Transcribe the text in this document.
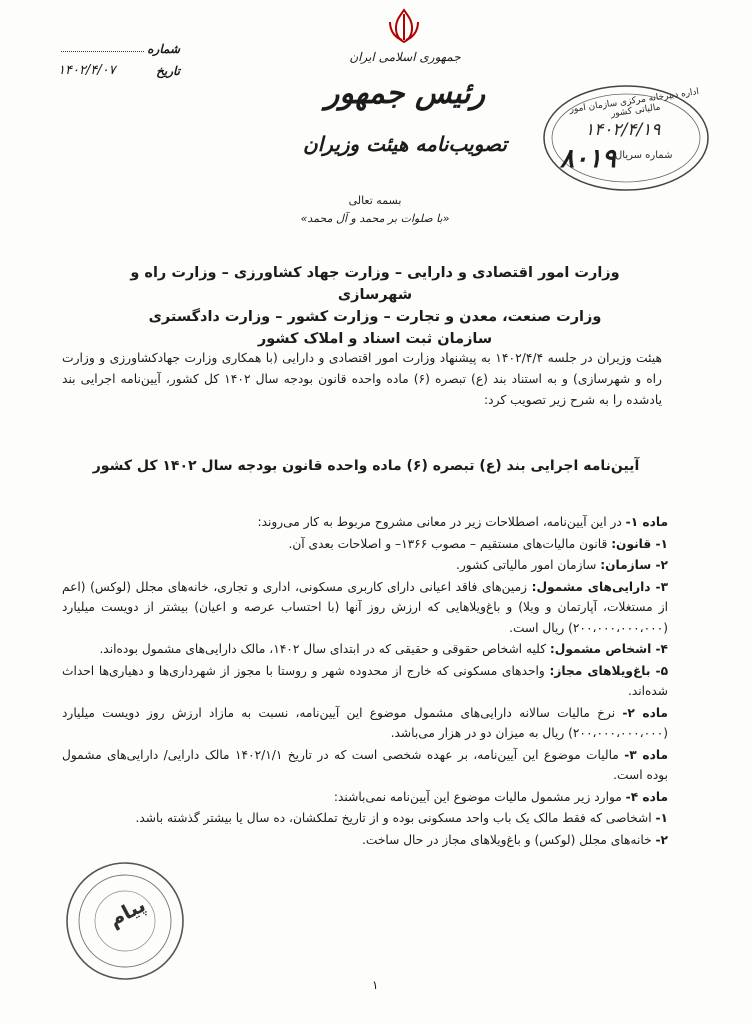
جمهوری اسلامی ایران
رئیس جمهور
تصویب‌نامه هیئت وزیران
شماره
تاریخ
۱۴۰۲/۴/۰۷
اداره دبیرخانه مرکزی سازمان امور مالیاتی کشور
۱۴۰۲/۴/۱۹
شماره سریال
۸۰۱۹
بسمه تعالی
«با صلوات بر محمد و آل محمد»
وزارت امور اقتصادی و دارایی – وزارت جهاد کشاورزی – وزارت راه و شهرسازی
وزارت صنعت، معدن و تجارت – وزارت کشور – وزارت دادگستری
سازمان ثبت اسناد و املاک کشور
هیئت وزیران در جلسه ۱۴۰۲/۴/۴ به پیشنهاد وزارت امور اقتصادی و دارایی (با همکاری وزارت جهادکشاورزی و وزارت راه و شهرسازی) و به استناد بند (ع) تبصره (۶) ماده واحده قانون بودجه سال ۱۴۰۲ کل کشور، آیین‌نامه اجرایی بند یادشده را به شرح زیر تصویب کرد:
آیین‌نامه اجرایی بند (ع) تبصره (۶) ماده واحده قانون بودجه سال ۱۴۰۲ کل کشور
ماده ۱- در این آیین‌نامه، اصطلاحات زیر در معانی مشروح مربوط به کار می‌روند:
۱- قانون: قانون مالیات‌های مستقیم – مصوب ۱۳۶۶– و اصلاحات بعدی آن.
۲- سازمان: سازمان امور مالیاتی کشور.
۳- دارایی‌های مشمول: زمین‌های فاقد اعیانی دارای کاربری مسکونی، اداری و تجاری، خانه‌های مجلل (لوکس) (اعم از مستغلات، آپارتمان و ویلا) و باغ‌ویلاهایی که ارزش روز آنها (با احتساب عرصه و اعیان) بیشتر از دویست میلیارد (۲۰۰،۰۰۰،۰۰۰،۰۰۰) ریال است.
۴- اشخاص مشمول: کلیه اشخاص حقوقی و حقیقی که در ابتدای سال ۱۴۰۲، مالک دارایی‌های مشمول بوده‌اند.
۵- باغ‌ویلاهای مجاز: واحدهای مسکونی که خارج از محدوده شهر و روستا با مجوز از شهرداری‌ها و دهیاری‌ها احداث شده‌اند.
ماده ۲- نرخ مالیات سالانه دارایی‌های مشمول موضوع این آیین‌نامه، نسبت به مازاد ارزش روز دویست میلیارد (۲۰۰،۰۰۰،۰۰۰،۰۰۰) ریال به میزان دو در هزار می‌باشد.
ماده ۳- مالیات موضوع این آیین‌نامه، بر عهده شخصی است که در تاریخ ۱۴۰۲/۱/۱ مالک دارایی/ دارایی‌های مشمول بوده است.
ماده ۴- موارد زیر مشمول مالیات موضوع این آیین‌نامه نمی‌باشند:
۱- اشخاصی که فقط مالک یک باب واحد مسکونی بوده و از تاریخ تملکشان، ده سال یا بیشتر گذشته باشد.
۲- خانه‌های مجلل (لوکس) و باغ‌ویلاهای مجاز در حال ساخت.
پیام
۱
